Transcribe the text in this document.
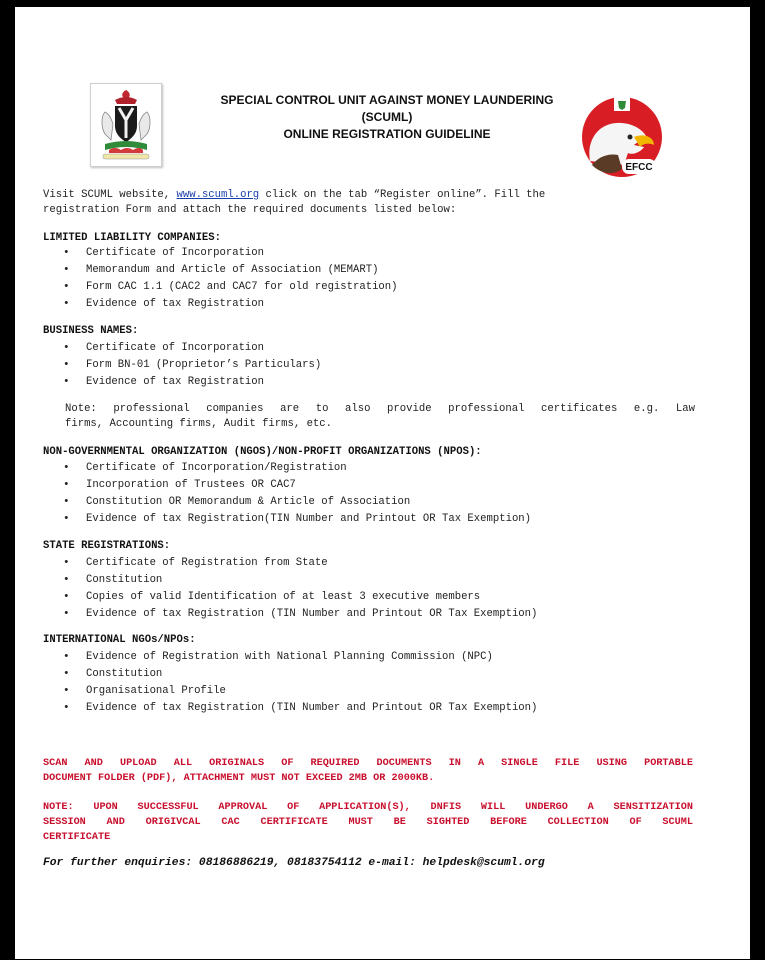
SPECIAL CONTROL UNIT AGAINST MONEY LAUNDERING
(SCUML)
ONLINE REGISTRATION GUIDELINE
EFCC
Visit SCUML website, www.scuml.org click on the tab “Register online”. Fill the
registration Form and attach the required documents listed below:
LIMITED LIABILITY COMPANIES:
• Certificate of Incorporation
• Memorandum and Article of Association (MEMART)
• Form CAC 1.1 (CAC2 and CAC7 for old registration)
• Evidence of tax Registration
BUSINESS NAMES:
• Certificate of Incorporation
• Form BN-01 (Proprietor’s Particulars)
• Evidence of tax Registration
Note: professional companies are to also provide professional certificates e.g. Law
firms, Accounting firms, Audit firms, etc.
NON-GOVERNMENTAL ORGANIZATION (NGOS)/NON-PROFIT ORGANIZATIONS (NPOS):
• Certificate of Incorporation/Registration
• Incorporation of Trustees OR CAC7
• Constitution OR Memorandum & Article of Association
• Evidence of tax Registration(TIN Number and Printout OR Tax Exemption)
STATE REGISTRATIONS:
• Certificate of Registration from State
• Constitution
• Copies of valid Identification of at least 3 executive members
• Evidence of tax Registration (TIN Number and Printout OR Tax Exemption)
INTERNATIONAL NGOs/NPOs:
• Evidence of Registration with National Planning Commission (NPC)
• Constitution
• Organisational Profile
• Evidence of tax Registration (TIN Number and Printout OR Tax Exemption)
SCAN AND UPLOAD ALL ORIGINALS OF REQUIRED DOCUMENTS IN A SINGLE FILE USING PORTABLE
DOCUMENT FOLDER (PDF), ATTACHMENT MUST NOT EXCEED 2MB OR 2000KB.
NOTE: UPON SUCCESSFUL APPROVAL OF APPLICATION(S), DNFIS WILL UNDERGO A SENSITIZATION
SESSION AND ORIGIVCAL CAC CERTIFICATE MUST BE SIGHTED BEFORE COLLECTION OF SCUML
CERTIFICATE
For further enquiries: 08186886219, 08183754112 e-mail: helpdesk@scuml.org
